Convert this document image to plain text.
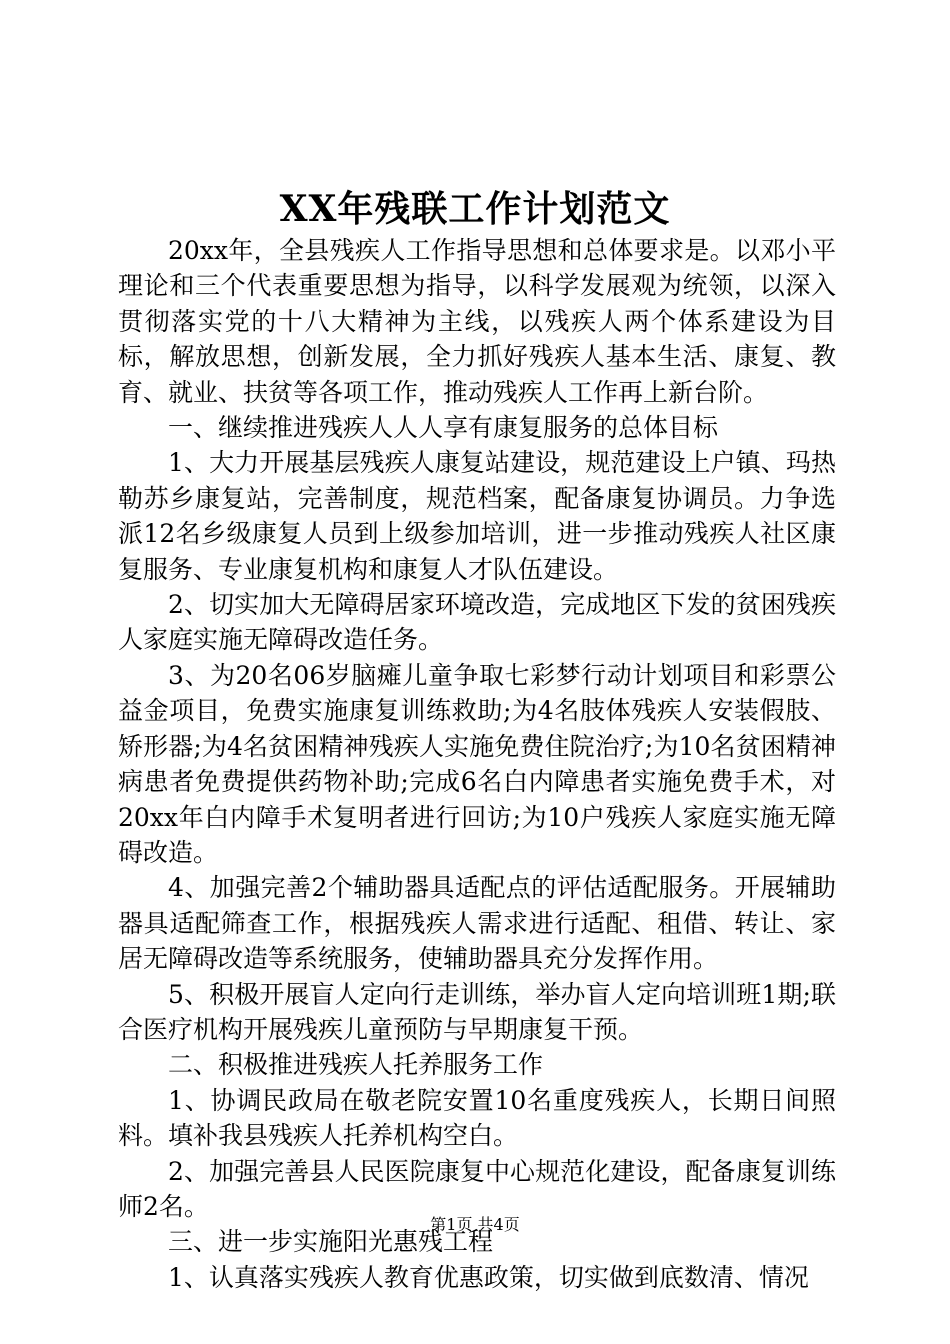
XX年残联工作计划范文

20xx年，全县残疾人工作指导思想和总体要求是。以邓小平理论和三个代表重要思想为指导，以科学发展观为统领，以深入贯彻落实党的十八大精神为主线，以残疾人两个体系建设为目标，解放思想，创新发展，全力抓好残疾人基本生活、康复、教育、就业、扶贫等各项工作，推动残疾人工作再上新台阶。

一、继续推进残疾人人人享有康复服务的总体目标

1、大力开展基层残疾人康复站建设，规范建设上户镇、玛热勒苏乡康复站，完善制度，规范档案，配备康复协调员。力争选派12名乡级康复人员到上级参加培训，进一步推动残疾人社区康复服务、专业康复机构和康复人才队伍建设。

2、切实加大无障碍居家环境改造，完成地区下发的贫困残疾人家庭实施无障碍改造任务。

3、为20名06岁脑瘫儿童争取七彩梦行动计划项目和彩票公益金项目，免费实施康复训练救助;为4名肢体残疾人安装假肢、矫形器;为4名贫困精神残疾人实施免费住院治疗;为10名贫困精神病患者免费提供药物补助;完成6名白内障患者实施免费手术，对20xx年白内障手术复明者进行回访;为10户残疾人家庭实施无障碍改造。

4、加强完善2个辅助器具适配点的评估适配服务。开展辅助器具适配筛查工作，根据残疾人需求进行适配、租借、转让、家居无障碍改造等系统服务，使辅助器具充分发挥作用。

5、积极开展盲人定向行走训练，举办盲人定向培训班1期;联合医疗机构开展残疾儿童预防与早期康复干预。

二、积极推进残疾人托养服务工作

1、协调民政局在敬老院安置10名重度残疾人，长期日间照料。填补我县残疾人托养机构空白。

2、加强完善县人民医院康复中心规范化建设，配备康复训练师2名。

三、进一步实施阳光惠残工程

1、认真落实残疾人教育优惠政策，切实做到底数清、情况

第1页 共4页
